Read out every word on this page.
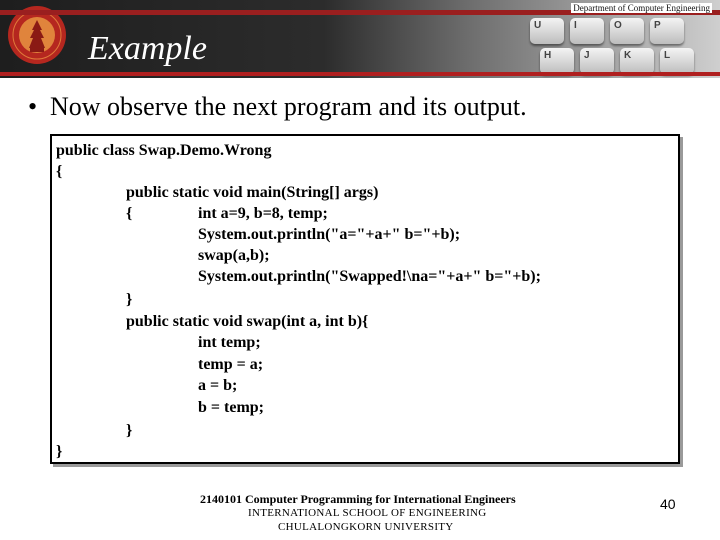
U	I	O	P
H	J	K	L
Example
Department of Computer Engineering
• Now observe the next program and its output.
public class Swap.Demo.Wrong
{
public static void main(String[] args)
{	int a=9, b=8, temp;
System.out.println("a="+a+" b="+b);
swap(a,b);
System.out.println("Swapped!\na="+a+" b="+b);
}
public static void swap(int a, int b){
int temp;
temp = a;
a = b;
b = temp;
}
}
2140101 Computer Programming for International Engineers
INTERNATIONAL SCHOOL OF ENGINEERING
CHULALONGKORN UNIVERSITY
40
